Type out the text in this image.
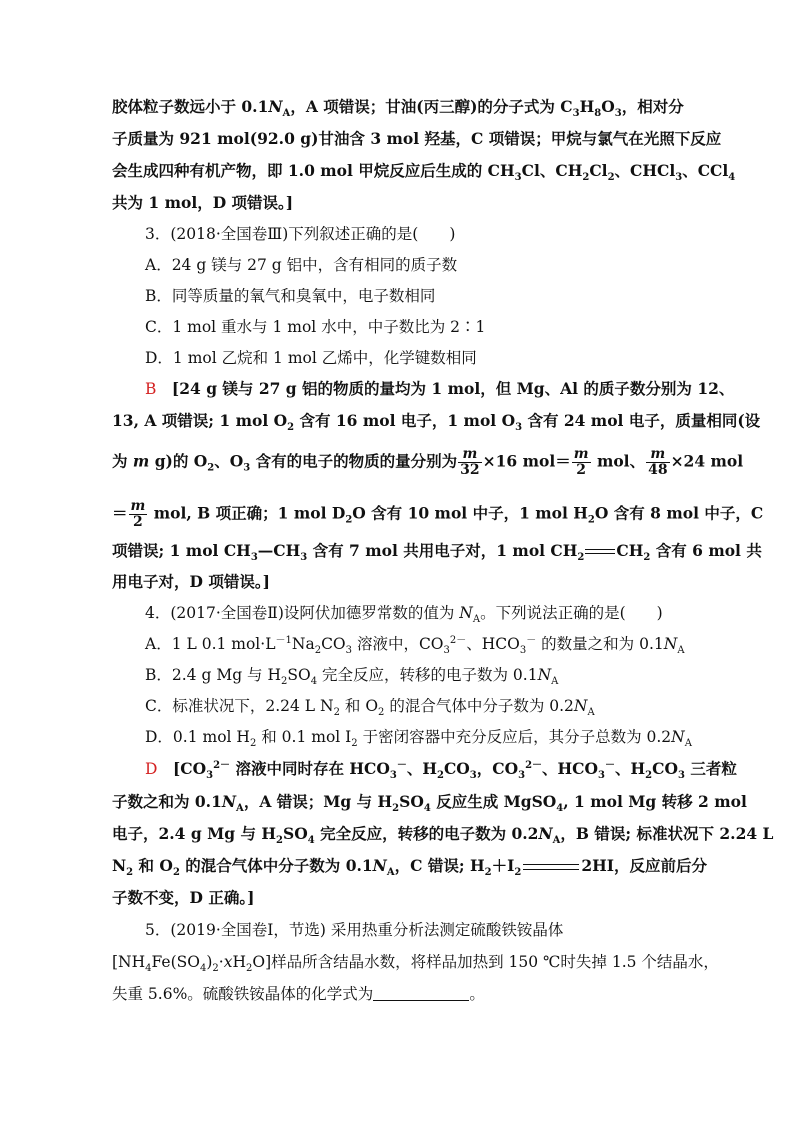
胶体粒子数远小于 $0.1N_A$，A 项错误；甘油(丙三醇)的分子式为 $C_3H_8O_3$，相对分
子质量为 921 mol(92.0 g)甘油含 3 mol 羟基，C 项错误；甲烷与氯气在光照下反应
会生成四种有机产物，即 1.0 mol 甲烷反应后生成的 $CH_3Cl$、$CH_2Cl_2$、CHCl$_3$、CCl$_4$
共为 1 mol，D 项错误。]
3．(2018·全国卷Ⅲ)下列叙述正确的是(　　)
A．24 g 镁与 27 g 铝中，含有相同的质子数
B．同等质量的氧气和臭氧中，电子数相同
C．1 mol 重水与 1 mol 水中，中子数比为 2∶1
D．1 mol 乙烷和 1 mol 乙烯中，化学键数相同
B　[24 g 镁与 27 g 铝的物质的量均为 1 mol，但 Mg、Al 的质子数分别为 12、
13, A 项错误; 1 mol $O_2$ 含有 16 mol 电子，1 mol $O_3$ 含有 24 mol 电子，质量相同(设
为 m g)的 $O_2$、$O_3$ 含有的电子的物质的量分别为 $\frac{m}{32} \times 16$ $mol= \frac{m}{2}$ mol、 $\frac{m}{48} \times 24$ mol
＝ $\frac{m}{2}$ mol, B 项正确；1 mol $D_2O$ 含有 10 mol 中子，1 mol $H_2O$ 含有 8 mol 中子，C
项错误; 1 mol $CH_3—CH_3$ 含有 7 mol 共用电子对，1 mol $CH_2$ $CH_2$ 含有 6 mol 共
用电子对，D 项错误。]
4．(2017·全国卷Ⅱ)设阿伏加德罗常数的值为 $N_A$。下列说法正确的是(　　)
A．1 L 0.1 $mol\cdot L^{-1}Na_2CO_3$ 溶液中，$CO_3^{2-}$、$HCO_3^-$ 的数量之和为 $0.1N_A$
B．2.4 g Mg 与 $H_2SO_4$ 完全反应，转移的电子数为 $0.1N_A$
C．标准状况下，2.24 L $N_2$ 和 $O_2$ 的混合气体中分子数为 $0.2N_A$
D．0.1 mol $H_2$ 和 0.1 mol $I_2$ 于密闭容器中充分反应后，其分子总数为 $0.2N_A$
D　[$CO_3^{2-}$ 溶液中同时存在 $HCO_3^-$、$H_2CO_3$，$CO_3^{2-}$、$HCO_3^-$、$H_2CO_3$ 三者粒
子数之和为 $0.1N_A$，A 错误；Mg 与 $H_2SO_4$ 反应生成 MgSO$_4$, 1 mol Mg 转移 2 mol
电子，2.4 g Mg 与 $H_2SO_4$ 完全反应，转移的电子数为 $0.2N_A$，B 错误; 标准状况下 2.24 L
$N_2$ 和 $O_2$ 的混合气体中分子数为 $0.1N_A$，C 错误; $H_2+I_2$	2HI，反应前后分
子数不变，D 正确。]
5．(2019·全国卷Ⅰ，节选) 采用热重分析法测定硫酸铁铵晶体
$[NH_4Fe(SO_4)_2\cdot xH_2O]$样品所含结晶水数，将样品加热到 150 ℃时失掉 1.5 个结晶水，
失重 5.6%。硫酸铁铵晶体的化学式为	。
